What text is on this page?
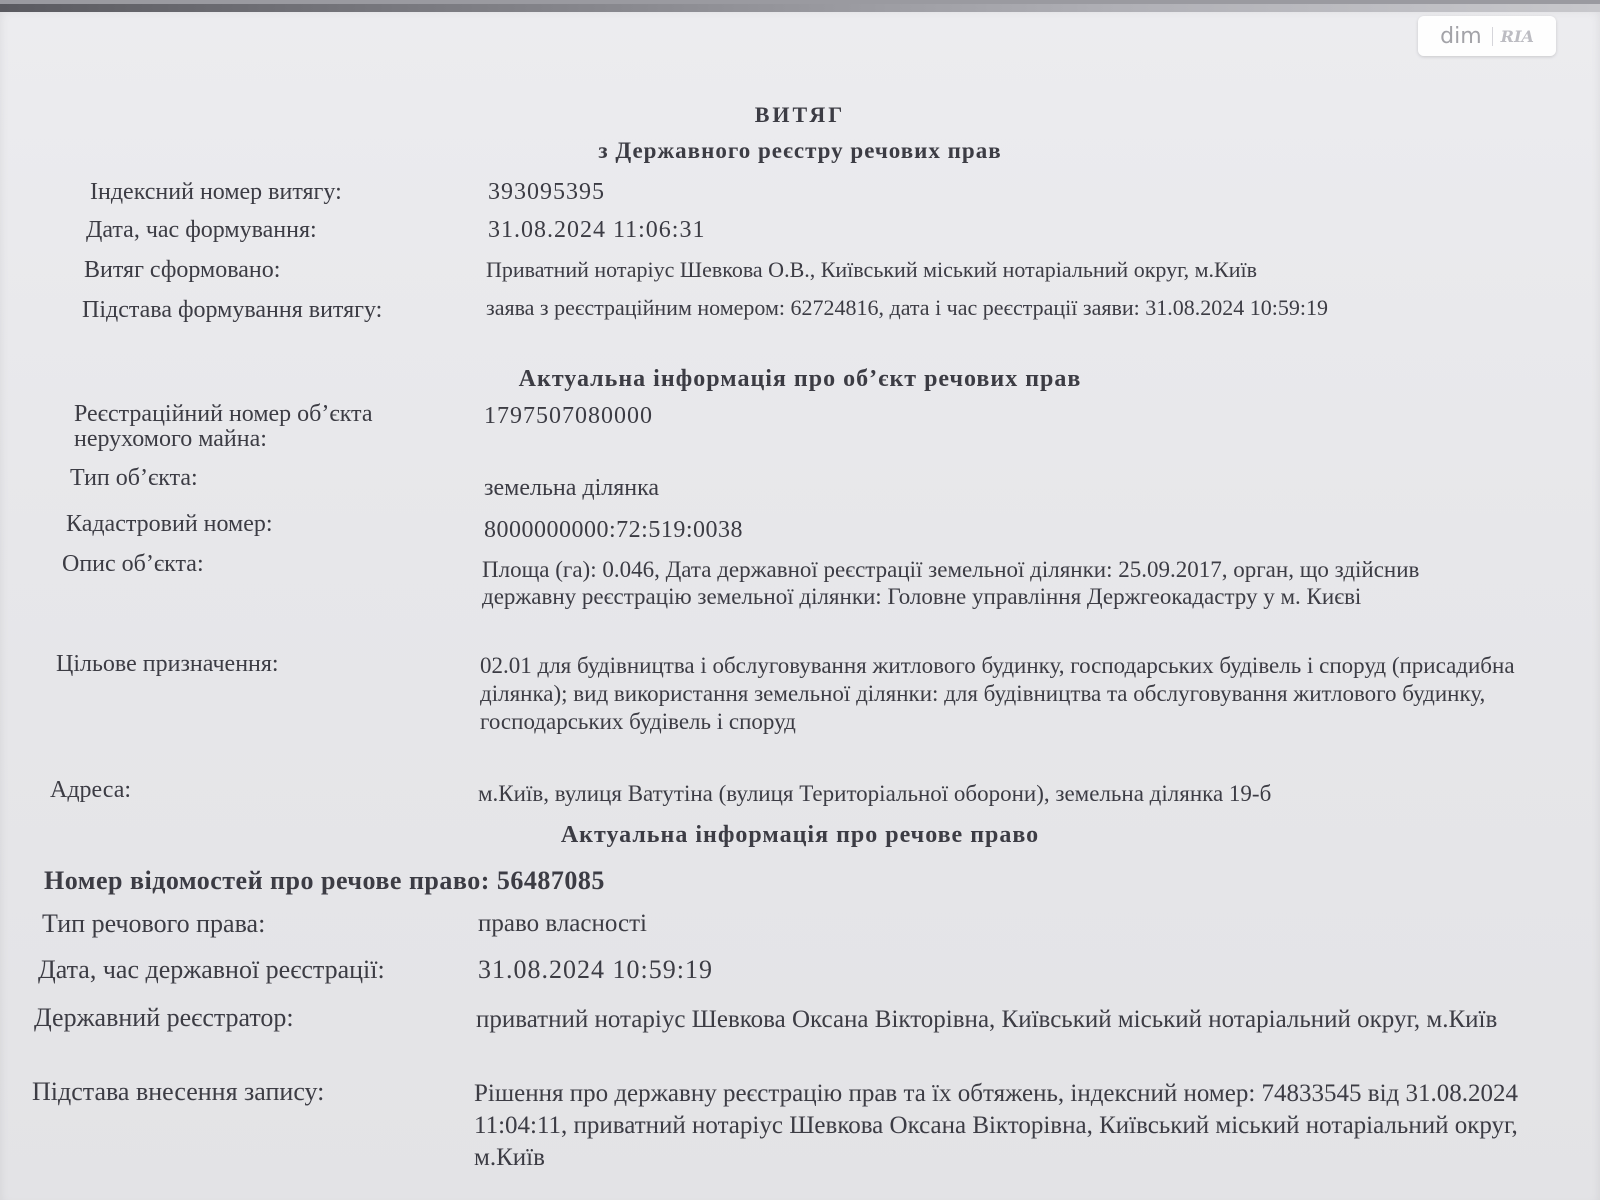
dim	RIA
ВИТЯГ
з Державного реєстру речових прав
Індексний номер витягу:	393095395
Дата, час формування:	31.08.2024 11:06:31
Витяг сформовано:	Приватний нотаріус Шевкова О.В., Київський міський нотаріальний округ, м.Київ
Підстава формування витягу:	заява з реєстраційним номером: 62724816, дата і час реєстрації заяви: 31.08.2024 10:59:19
Актуальна інформація про об’єкт речових прав
Реєстраційний номер об’єкта нерухомого майна:
1797507080000
Тип об’єкта:	земельна ділянка
Кадастровий номер:	8000000000:72:519:0038
Опис об’єкта:	Площа (га): 0.046, Дата державної реєстрації земельної ділянки: 25.09.2017, орган, що здійснив державну реєстрацію земельної ділянки: Головне управління Держгеокадастру у м. Києві
Цільове призначення:	02.01 для будівництва і обслуговування житлового будинку, господарських будівель і споруд (присадибна ділянка); вид використання земельної ділянки: для будівництва та обслуговування житлового будинку, господарських будівель і споруд
Адреса:	м.Київ, вулиця Ватутіна (вулиця Територіальної оборони), земельна ділянка 19-б
Актуальна інформація про речове право
Номер відомостей про речове право: 56487085
Тип речового права:	право власності
Дата, час державної реєстрації:	31.08.2024 10:59:19
Державний реєстратор:	приватний нотаріус Шевкова Оксана Вікторівна, Київський міський нотаріальний округ, м.Київ
Підстава внесення запису:	Рішення про державну реєстрацію прав та їх обтяжень, індексний номер: 74833545 від 31.08.2024 11:04:11, приватний нотаріус Шевкова Оксана Вікторівна, Київський міський нотаріальний округ, м.Київ
